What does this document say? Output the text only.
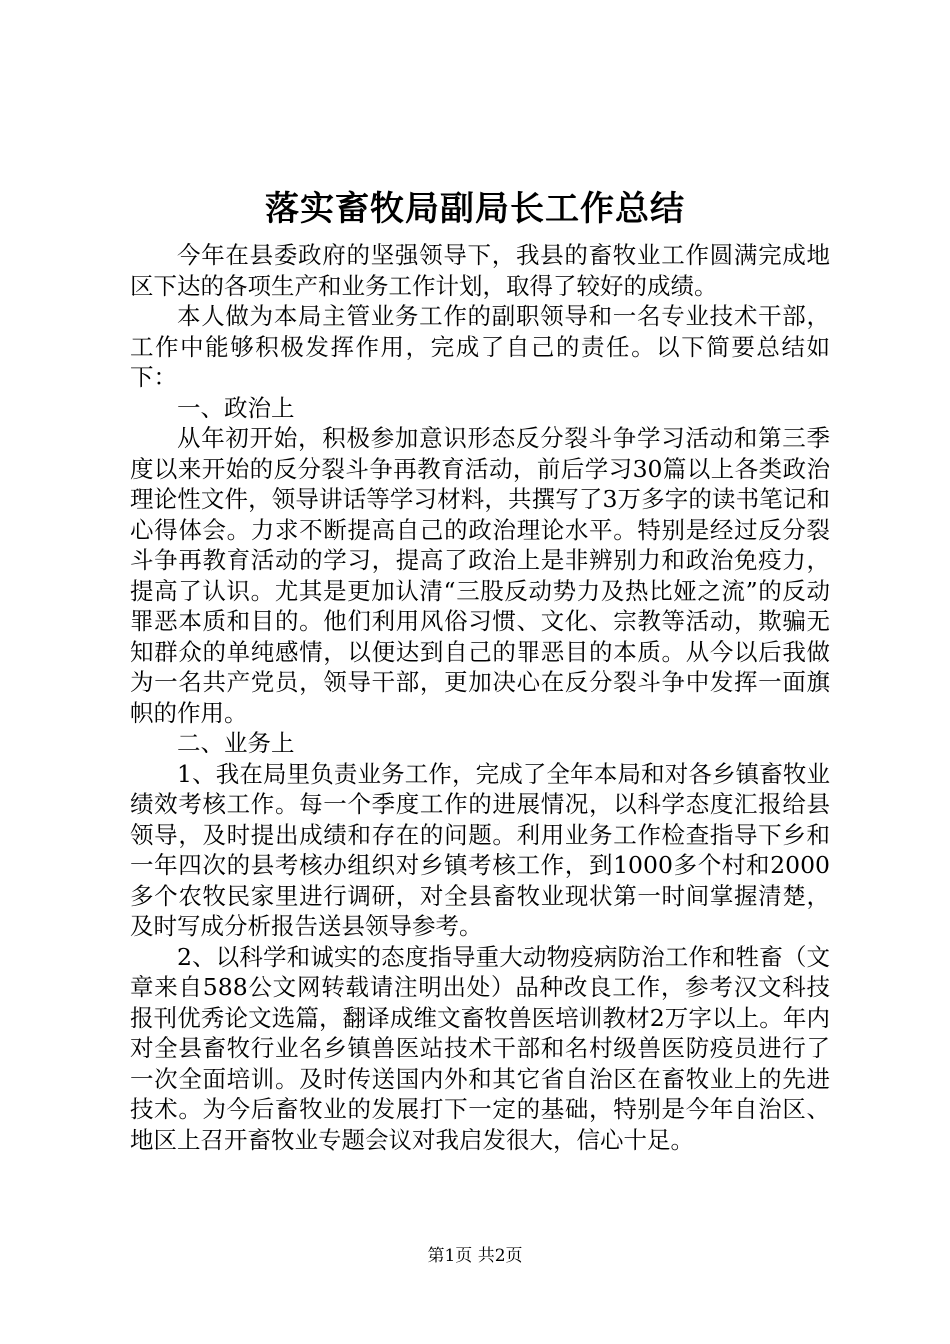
落实畜牧局副局长工作总结

今年在县委政府的坚强领导下，我县的畜牧业工作圆满完成地区下达的各项生产和业务工作计划，取得了较好的成绩。

本人做为本局主管业务工作的副职领导和一名专业技术干部，工作中能够积极发挥作用，完成了自己的责任。以下简要总结如下：

一、政治上

从年初开始，积极参加意识形态反分裂斗争学习活动和第三季度以来开始的反分裂斗争再教育活动，前后学习30篇以上各类政治理论性文件，领导讲话等学习材料，共撰写了3万多字的读书笔记和心得体会。力求不断提高自己的政治理论水平。特别是经过反分裂斗争再教育活动的学习，提高了政治上是非辨别力和政治免疫力，提高了认识。尤其是更加认清“三股反动势力及热比娅之流”的反动罪恶本质和目的。他们利用风俗习惯、文化、宗教等活动，欺骗无知群众的单纯感情，以便达到自己的罪恶目的本质。从今以后我做为一名共产党员，领导干部，更加决心在反分裂斗争中发挥一面旗帜的作用。

二、业务上

1、我在局里负责业务工作，完成了全年本局和对各乡镇畜牧业绩效考核工作。每一个季度工作的进展情况，以科学态度汇报给县领导，及时提出成绩和存在的问题。利用业务工作检查指导下乡和一年四次的县考核办组织对乡镇考核工作，到1000多个村和2000多个农牧民家里进行调研，对全县畜牧业现状第一时间掌握清楚，及时写成分析报告送县领导参考。

2、以科学和诚实的态度指导重大动物疫病防治工作和牲畜（文章来自588公文网转载请注明出处）品种改良工作，参考汉文科技报刊优秀论文选篇，翻译成维文畜牧兽医培训教材2万字以上。年内对全县畜牧行业名乡镇兽医站技术干部和名村级兽医防疫员进行了一次全面培训。及时传送国内外和其它省自治区在畜牧业上的先进技术。为今后畜牧业的发展打下一定的基础，特别是今年自治区、地区上召开畜牧业专题会议对我启发很大，信心十足。

第1页 共2页
